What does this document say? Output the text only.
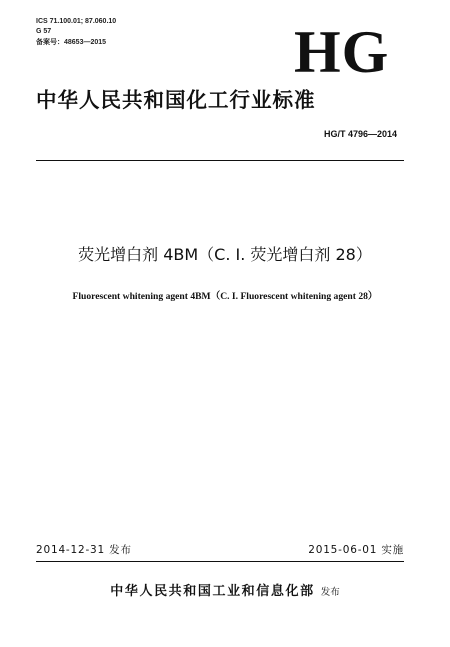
ICS 71.100.01; 87.060.10
G 57
备案号：48653—2015	HG
中华人民共和国化工行业标准
HG/T 4796—2014
荧光增白剂 4BM（C. I. 荧光增白剂 28）
Fluorescent whitening agent 4BM（C. I. Fluorescent whitening agent 28）
2014-12-31 发布	2015-06-01 实施
中华人民共和国工业和信息化部 发布
